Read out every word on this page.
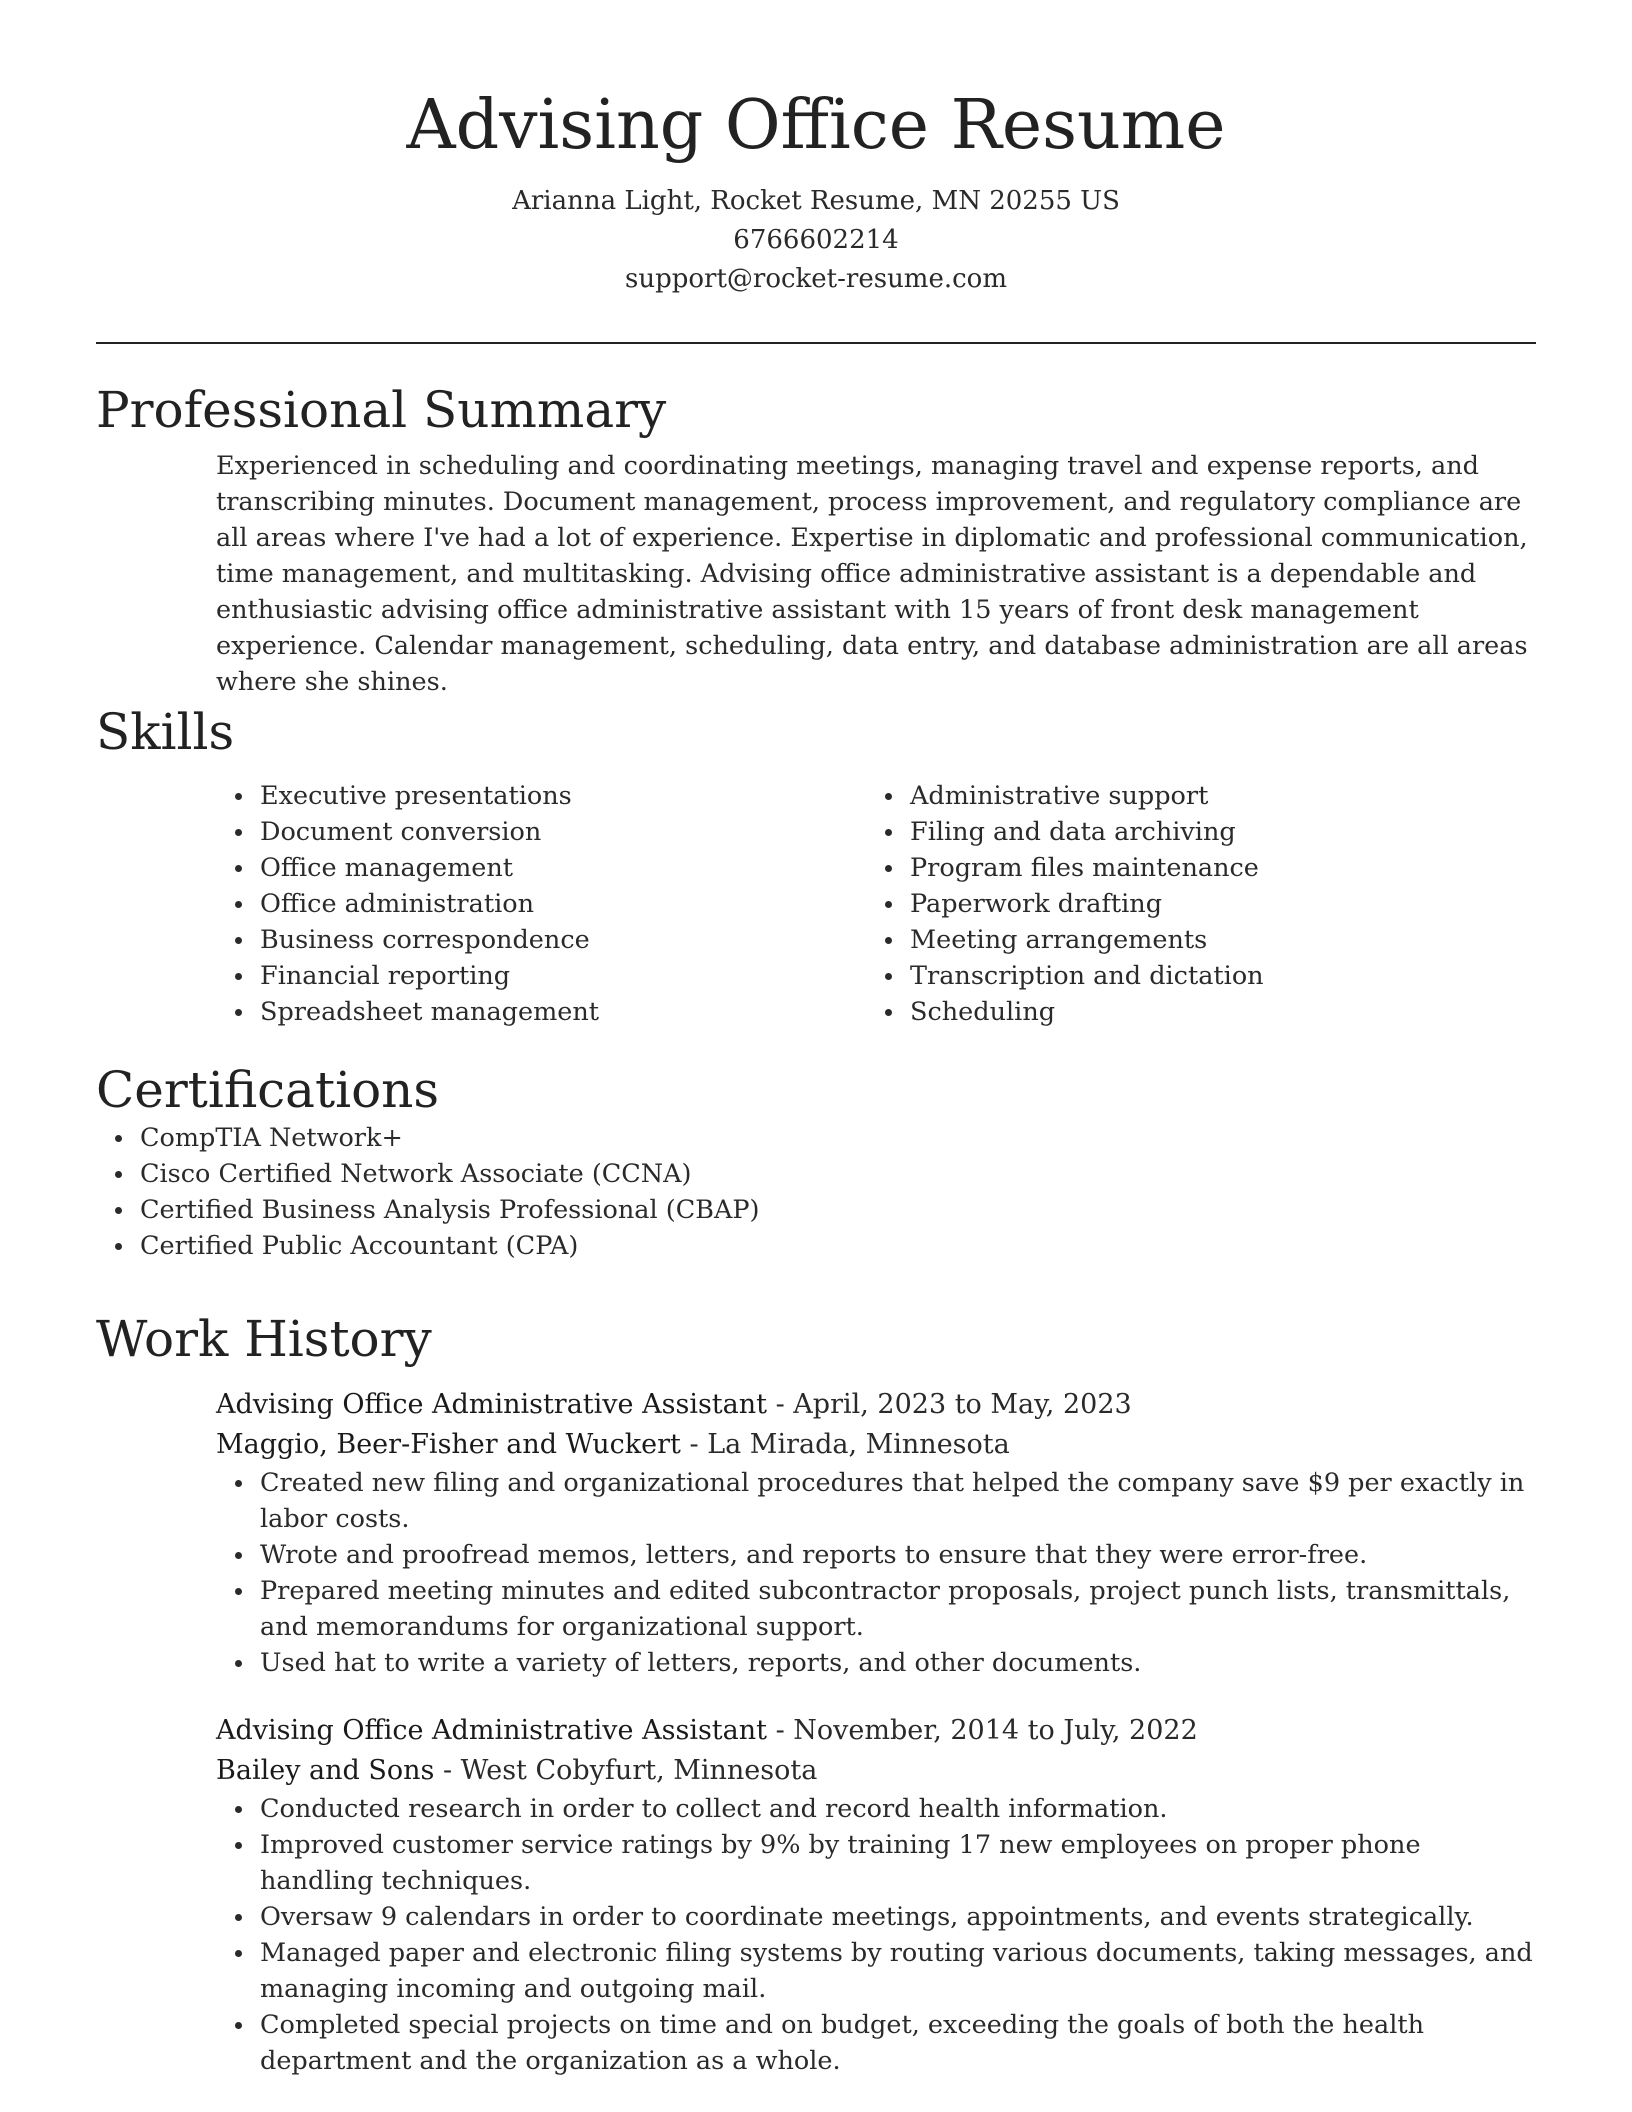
Advising Office Resume
Arianna Light, Rocket Resume, MN 20255 US
6766602214
support@rocket-resume.com
Professional Summary
Experienced in scheduling and coordinating meetings, managing travel and expense reports, and transcribing minutes. Document management, process improvement, and regulatory compliance are all areas where I've had a lot of experience. Expertise in diplomatic and professional communication, time management, and multitasking. Advising office administrative assistant is a dependable and enthusiastic advising office administrative assistant with 15 years of front desk management experience. Calendar management, scheduling, data entry, and database administration are all areas where she shines.
Skills
Executive presentations
Document conversion
Office management
Office administration
Business correspondence
Financial reporting
Spreadsheet management
Administrative support
Filing and data archiving
Program files maintenance
Paperwork drafting
Meeting arrangements
Transcription and dictation
Scheduling
Certifications
CompTIA Network+
Cisco Certified Network Associate (CCNA)
Certified Business Analysis Professional (CBAP)
Certified Public Accountant (CPA)
Work History
Advising Office Administrative Assistant - April, 2023 to May, 2023
Maggio, Beer-Fisher and Wuckert - La Mirada, Minnesota
Created new filing and organizational procedures that helped the company save $9 per exactly in labor costs.
Wrote and proofread memos, letters, and reports to ensure that they were error-free.
Prepared meeting minutes and edited subcontractor proposals, project punch lists, transmittals, and memorandums for organizational support.
Used hat to write a variety of letters, reports, and other documents.
Advising Office Administrative Assistant - November, 2014 to July, 2022
Bailey and Sons - West Cobyfurt, Minnesota
Conducted research in order to collect and record health information.
Improved customer service ratings by 9% by training 17 new employees on proper phone handling techniques.
Oversaw 9 calendars in order to coordinate meetings, appointments, and events strategically.
Managed paper and electronic filing systems by routing various documents, taking messages, and managing incoming and outgoing mail.
Completed special projects on time and on budget, exceeding the goals of both the health department and the organization as a whole.
